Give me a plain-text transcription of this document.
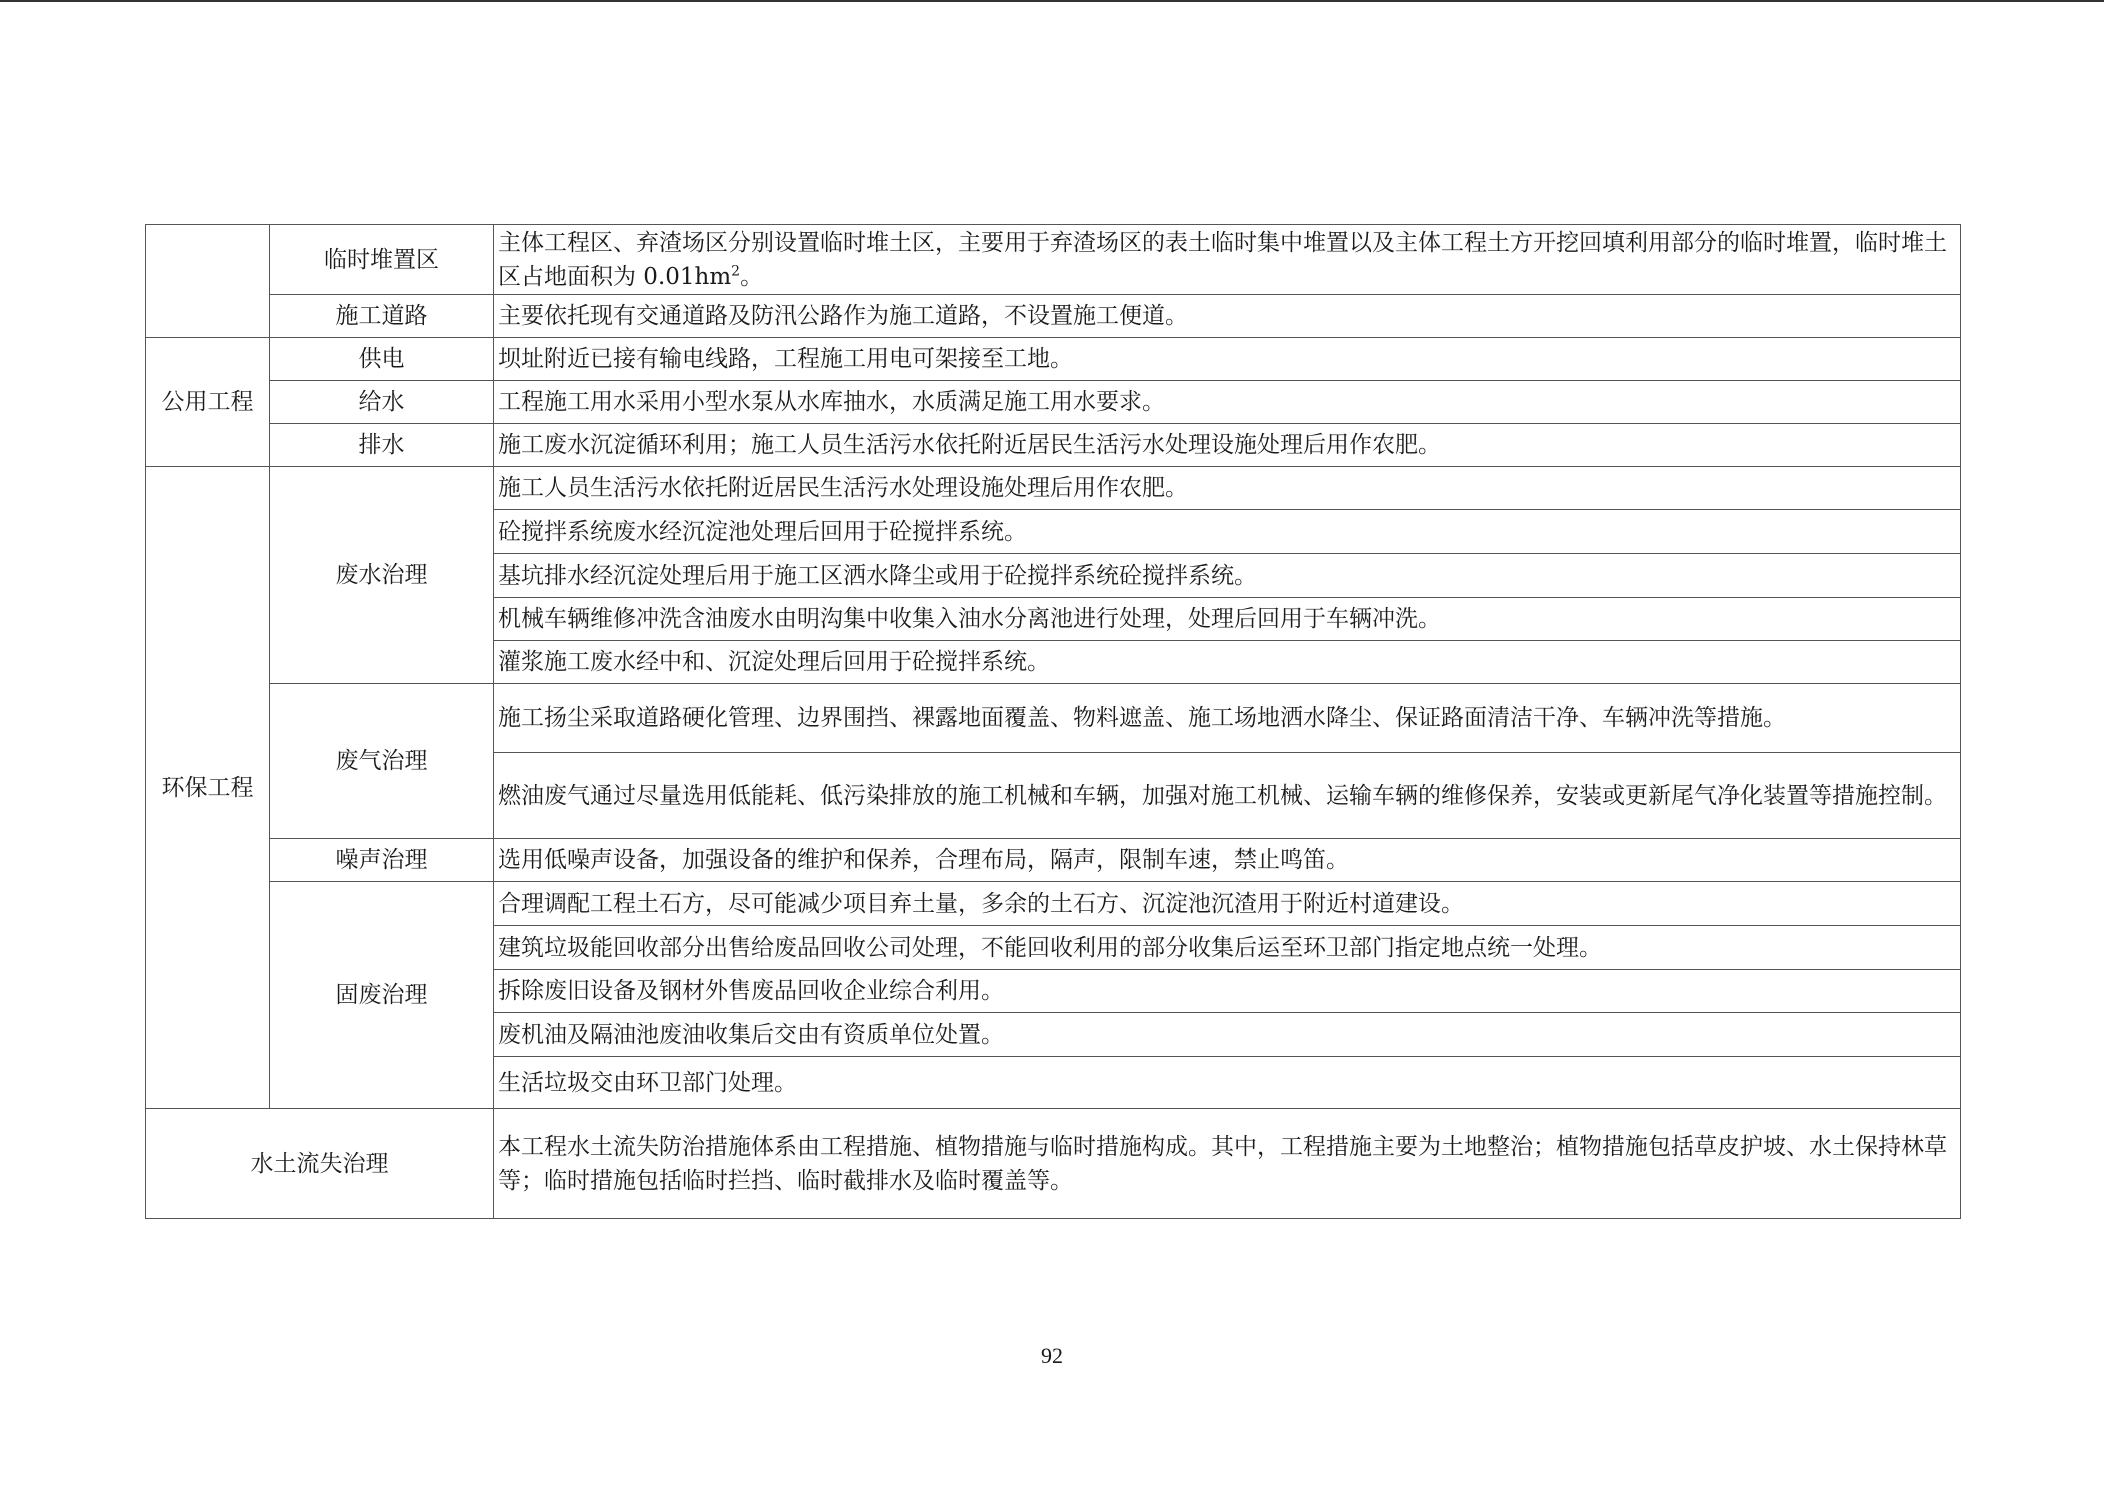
	临时堆置区	主体工程区、弃渣场区分别设置临时堆土区，主要用于弃渣场区的表土临时集中堆置以及主体工程土方开挖回填利用部分的临时堆置，临时堆土区占地面积为 $0.01hm^2$。
	施工道路	主要依托现有交通道路及防汛公路作为施工道路，不设置施工便道。
公用工程	供电	坝址附近已接有输电线路，工程施工用电可架接至工地。
	给水	工程施工用水采用小型水泵从水库抽水，水质满足施工用水要求。
	排水	施工废水沉淀循环利用；施工人员生活污水依托附近居民生活污水处理设施处理后用作农肥。
环保工程	废水治理	施工人员生活污水依托附近居民生活污水处理设施处理后用作农肥。
		砼搅拌系统废水经沉淀池处理后回用于砼搅拌系统。
		基坑排水经沉淀处理后用于施工区洒水降尘或用于砼搅拌系统砼搅拌系统。
		机械车辆维修冲洗含油废水由明沟集中收集入油水分离池进行处理，处理后回用于车辆冲洗。
		灌浆施工废水经中和、沉淀处理后回用于砼搅拌系统。
	废气治理	施工扬尘采取道路硬化管理、边界围挡、裸露地面覆盖、物料遮盖、施工场地洒水降尘、保证路面清洁干净、车辆冲洗等措施。
		燃油废气通过尽量选用低能耗、低污染排放的施工机械和车辆，加强对施工机械、运输车辆的维修保养，安装或更新尾气净化装置等措施控制。
	噪声治理	选用低噪声设备，加强设备的维护和保养，合理布局，隔声，限制车速，禁止鸣笛。
	固废治理	合理调配工程土石方，尽可能减少项目弃土量，多余的土石方、沉淀池沉渣用于附近村道建设。
		建筑垃圾能回收部分出售给废品回收公司处理，不能回收利用的部分收集后运至环卫部门指定地点统一处理。
		拆除废旧设备及钢材外售废品回收企业综合利用。
		废机油及隔油池废油收集后交由有资质单位处置。
		生活垃圾交由环卫部门处理。
水土流失治理		本工程水土流失防治措施体系由工程措施、植物措施与临时措施构成。其中，工程措施主要为土地整治；植物措施包括草皮护坡、水土保持林草等；临时措施包括临时拦挡、临时截排水及临时覆盖等。
92
